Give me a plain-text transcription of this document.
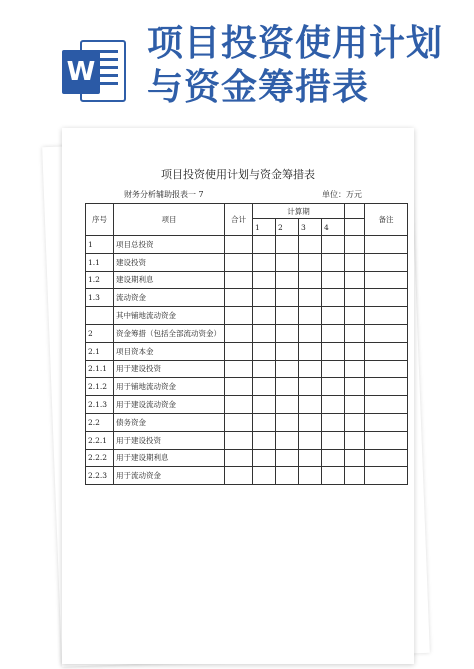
W
项目投资使用计划
与资金筹措表
项目投资使用计划与资金筹措表
财务分析辅助报表一 7	单位：万元
序号	项目	合计	计算期					备注
			1	2	3	4		
1	项目总投资							
1.1	建设投资							
1.2	建设期利息							
1.3	流动资金							
	其中铺地流动资金							
2	资金筹措（包括全部流动资金）							
2.1	项目资本金							
2.1.1	用于建设投资							
2.1.2	用于铺地流动资金							
2.1.3	用于建设流动资金							
2.2	债务资金							
2.2.1	用于建设投资							
2.2.2	用于建设期利息							
2.2.3	用于流动资金							
